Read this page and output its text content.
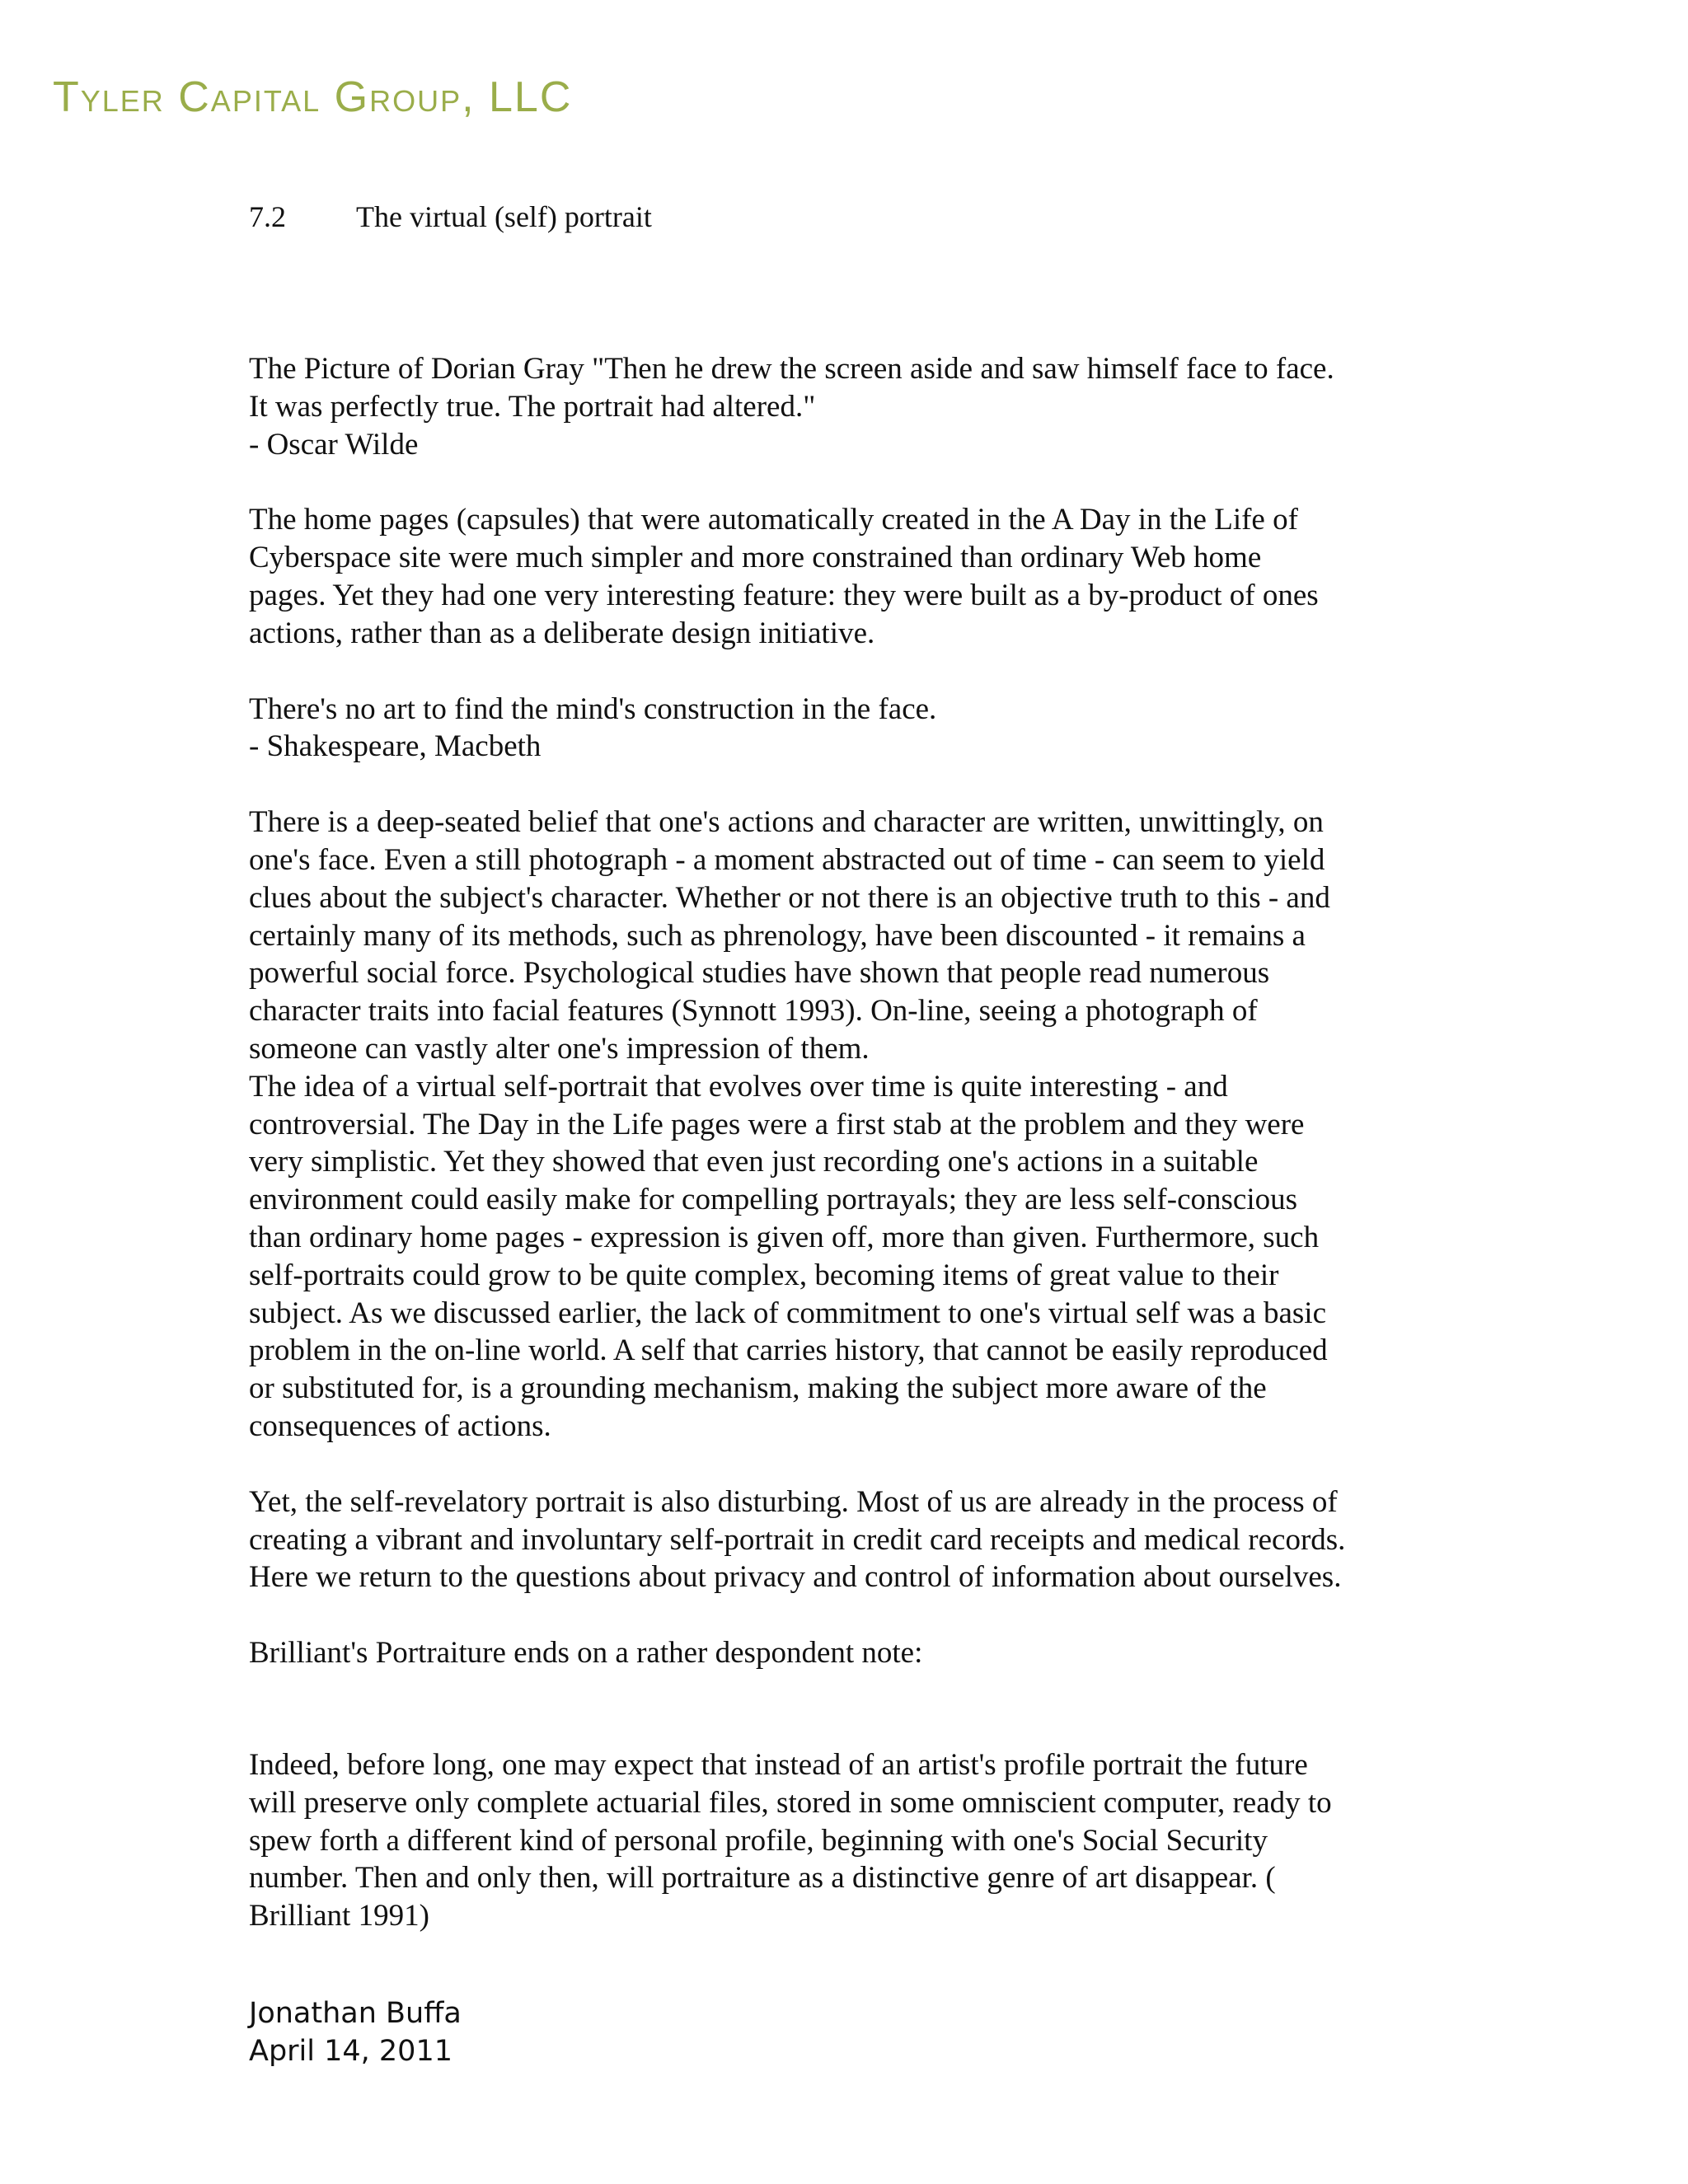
Tyler Capital Group, LLC
7.2 The virtual (self) portrait

The Picture of Dorian Gray "Then he drew the screen aside and saw himself face to face.

It was perfectly true. The portrait had altered."

- Oscar Wilde

The home pages (capsules) that were automatically created in the A Day in the Life of

Cyberspace site were much simpler and more constrained than ordinary Web home

pages. Yet they had one very interesting feature: they were built as a by-product of ones

actions, rather than as a deliberate design initiative.

There's no art to find the mind's construction in the face.

- Shakespeare, Macbeth

There is a deep-seated belief that one's actions and character are written, unwittingly, on

one's face. Even a still photograph - a moment abstracted out of time - can seem to yield

clues about the subject's character. Whether or not there is an objective truth to this - and

certainly many of its methods, such as phrenology, have been discounted - it remains a

powerful social force. Psychological studies have shown that people read numerous

character traits into facial features (Synnott 1993). On-line, seeing a photograph of

someone can vastly alter one's impression of them.

The idea of a virtual self-portrait that evolves over time is quite interesting - and

controversial. The Day in the Life pages were a first stab at the problem and they were

very simplistic. Yet they showed that even just recording one's actions in a suitable

environment could easily make for compelling portrayals; they are less self-conscious

than ordinary home pages - expression is given off, more than given. Furthermore, such

self-portraits could grow to be quite complex, becoming items of great value to their

subject. As we discussed earlier, the lack of commitment to one's virtual self was a basic

problem in the on-line world. A self that carries history, that cannot be easily reproduced

or substituted for, is a grounding mechanism, making the subject more aware of the

consequences of actions.

Yet, the self-revelatory portrait is also disturbing. Most of us are already in the process of

creating a vibrant and involuntary self-portrait in credit card receipts and medical records.

Here we return to the questions about privacy and control of information about ourselves.

Brilliant's Portraiture ends on a rather despondent note:

Indeed, before long, one may expect that instead of an artist's profile portrait the future

will preserve only complete actuarial files, stored in some omniscient computer, ready to

spew forth a different kind of personal profile, beginning with one's Social Security

number. Then and only then, will portraiture as a distinctive genre of art disappear. (

Brilliant 1991)

Jonathan Buffa
April 14, 2011
